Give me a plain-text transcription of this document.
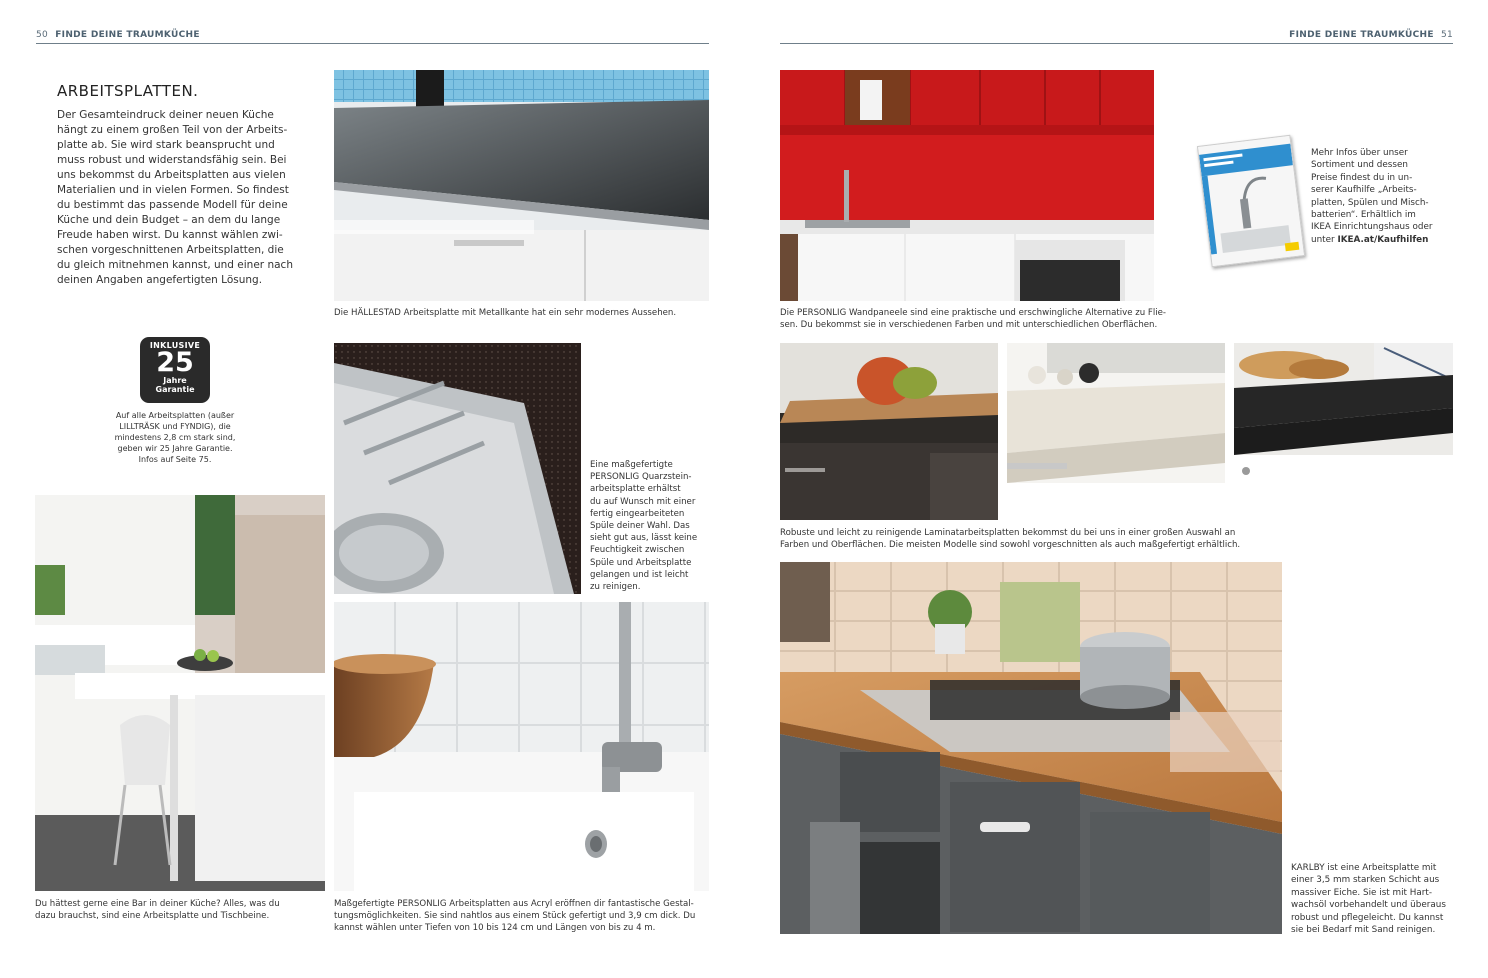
50 FINDE DEINE TRAUMKÜCHE	FINDE DEINE TRAUMKÜCHE 51
ARBEITSPLATTEN.
Der Gesamteindruck deiner neuen Küche
hängt zu einem großen Teil von der Arbeits-
platte ab. Sie wird stark beansprucht und
muss robust und widerstandsfähig sein. Bei
uns bekommst du Arbeitsplatten aus vielen
Materialien und in vielen Formen. So findest
du bestimmt das passende Modell für deine
Küche und dein Budget – an dem du lange
Freude haben wirst. Du kannst wählen zwi-
schen vorgeschnittenen Arbeitsplatten, die
du gleich mitnehmen kannst, und einer nach
deinen Angaben angefertigten Lösung.
INKLUSIVE
25
Jahre
Garantie
Auf alle Arbeitsplatten (außer
LILLTRÄSK und FYNDIG), die
mindestens 2,8 cm stark sind,
geben wir 25 Jahre Garantie.
Infos auf Seite 75.
Die HÄLLESTAD Arbeitsplatte mit Metallkante hat ein sehr modernes Aussehen.
Eine maßgefertigte
PERSONLIG Quarzstein-
arbeitsplatte erhältst
du auf Wunsch mit einer
fertig eingearbeiteten
Spüle deiner Wahl. Das
sieht gut aus, lässt keine
Feuchtigkeit zwischen
Spüle und Arbeitsplatte
gelangen und ist leicht
zu reinigen.
Du hättest gerne eine Bar in deiner Küche? Alles, was du
dazu brauchst, sind eine Arbeitsplatte und Tischbeine.
Maßgefertigte PERSONLIG Arbeitsplatten aus Acryl eröffnen dir fantastische Gestal-
tungsmöglichkeiten. Sie sind nahtlos aus einem Stück gefertigt und 3,9 cm dick. Du
kannst wählen unter Tiefen von 10 bis 124 cm und Längen von bis zu 4 m.
Die PERSONLIG Wandpaneele sind eine praktische und erschwingliche Alternative zu Flie-
sen. Du bekommst sie in verschiedenen Farben und mit unterschiedlichen Oberflächen.
Mehr Infos über unser
Sortiment und dessen
Preise findest du in un-
serer Kaufhilfe „Arbeits-
platten, Spülen und Misch-
batterien“. Erhältlich im
IKEA Einrichtungshaus oder
unter IKEA.at/Kaufhilfen
Robuste und leicht zu reinigende Laminatarbeitsplatten bekommst du bei uns in einer großen Auswahl an
Farben und Oberflächen. Die meisten Modelle sind sowohl vorgeschnitten als auch maßgefertigt erhältlich.
KARLBY ist eine Arbeitsplatte mit
einer 3,5 mm starken Schicht aus
massiver Eiche. Sie ist mit Hart-
wachsöl vorbehandelt und überaus
robust und pflegeleicht. Du kannst
sie bei Bedarf mit Sand reinigen.
